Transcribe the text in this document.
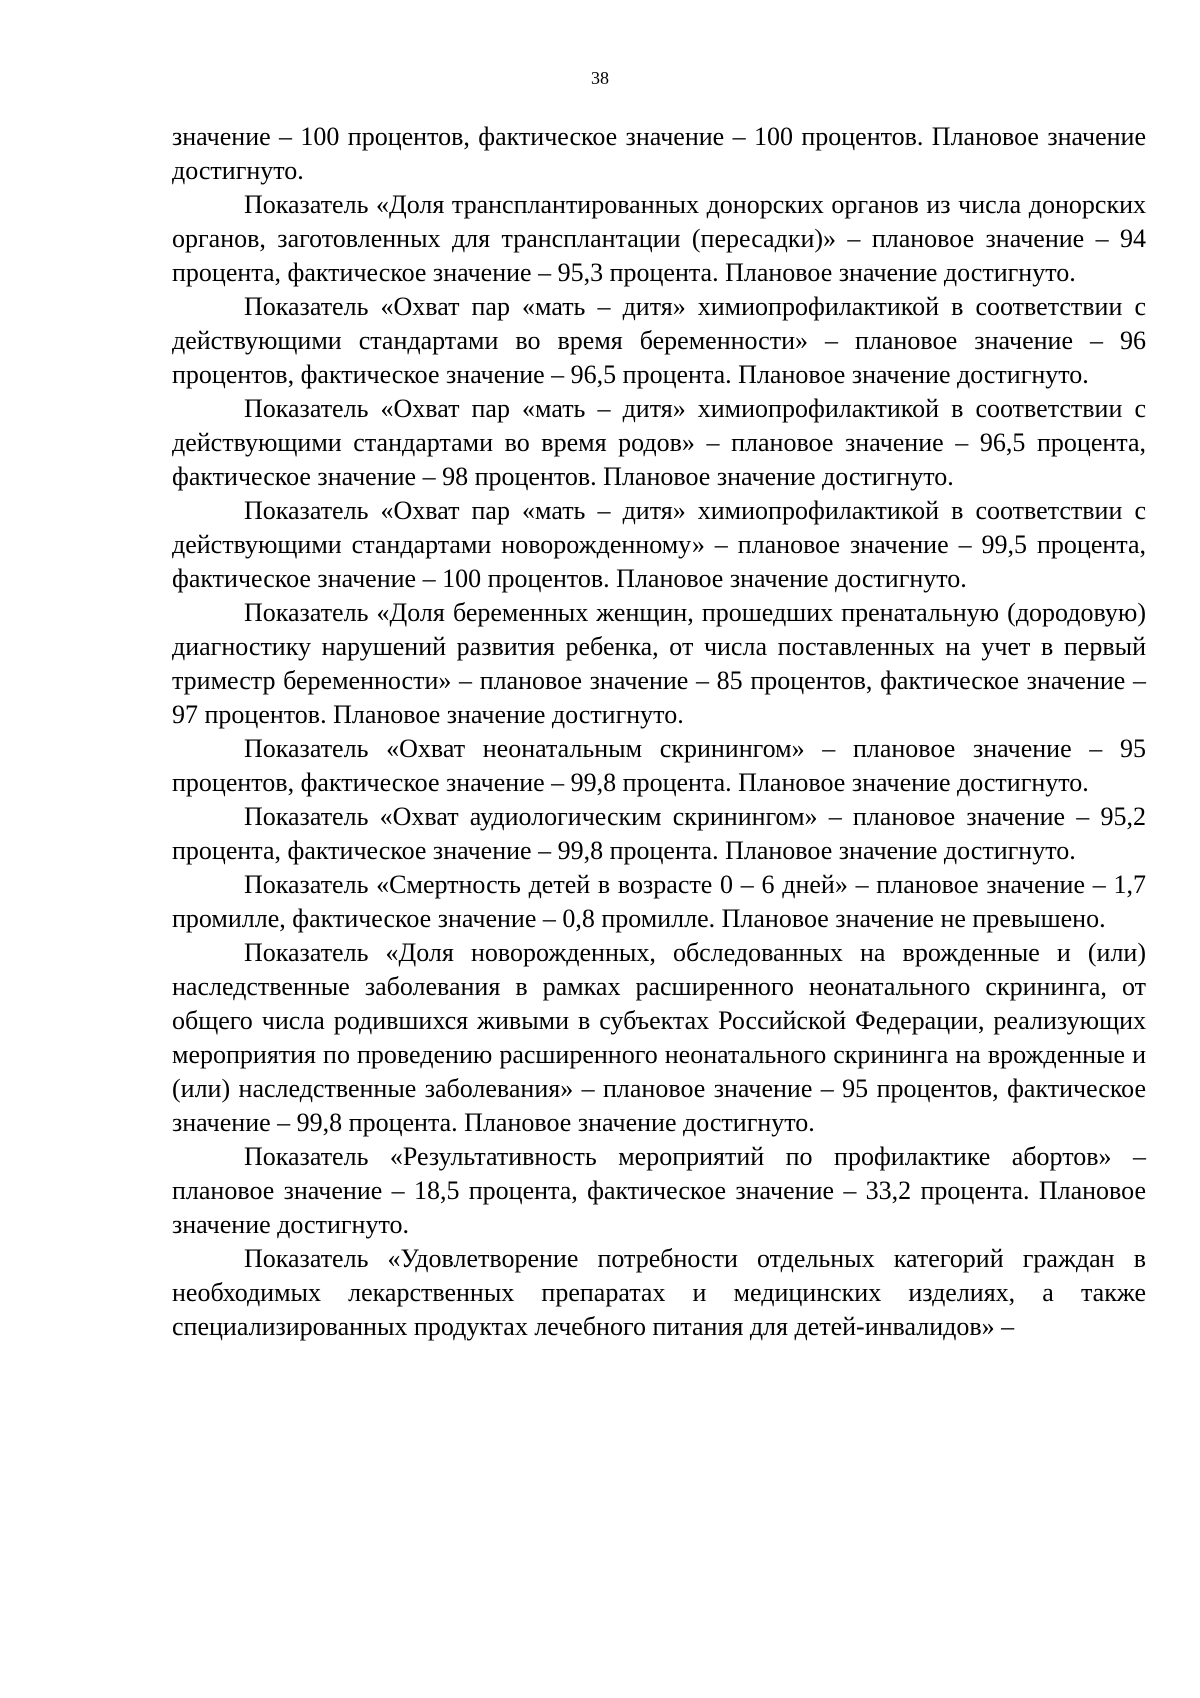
38

значение – 100 процентов, фактическое значение – 100 процентов. Плановое значение достигнуто.

Показатель «Доля трансплантированных донорских органов из числа донорских органов, заготовленных для трансплантации (пересадки)» – плановое значение – 94 процента, фактическое значение – 95,3 процента. Плановое значение достигнуто.

Показатель «Охват пар «мать – дитя» химиопрофилактикой в соответствии с действующими стандартами во время беременности» – плановое значение – 96 процентов, фактическое значение – 96,5 процента. Плановое значение достигнуто.

Показатель «Охват пар «мать – дитя» химиопрофилактикой в соответствии с действующими стандартами во время родов» – плановое значение – 96,5 процента, фактическое значение – 98 процентов. Плановое значение достигнуто.

Показатель «Охват пар «мать – дитя» химиопрофилактикой в соответствии с действующими стандартами новорожденному» – плановое значение – 99,5 процента, фактическое значение – 100 процентов. Плановое значение достигнуто.

Показатель «Доля беременных женщин, прошедших пренатальную (дородовую) диагностику нарушений развития ребенка, от числа поставленных на учет в первый триместр беременности» – плановое значение – 85 процентов, фактическое значение – 97 процентов. Плановое значение достигнуто.

Показатель «Охват неонатальным скринингом» – плановое значение – 95 процентов, фактическое значение – 99,8 процента. Плановое значение достигнуто.

Показатель «Охват аудиологическим скринингом» – плановое значение – 95,2 процента, фактическое значение – 99,8 процента. Плановое значение достигнуто.

Показатель «Смертность детей в возрасте 0 – 6 дней» – плановое значение – 1,7 промилле, фактическое значение – 0,8 промилле. Плановое значение не превышено.

Показатель «Доля новорожденных, обследованных на врожденные и (или) наследственные заболевания в рамках расширенного неонатального скрининга, от общего числа родившихся живыми в субъектах Российской Федерации, реализующих мероприятия по проведению расширенного неонатального скрининга на врожденные и (или) наследственные заболевания» – плановое значение – 95 процентов, фактическое значение – 99,8 процента. Плановое значение достигнуто.

Показатель «Результативность мероприятий по профилактике абортов» – плановое значение – 18,5 процента, фактическое значение – 33,2 процента. Плановое значение достигнуто.

Показатель «Удовлетворение потребности отдельных категорий граждан в необходимых лекарственных препаратах и медицинских изделиях, а также специализированных продуктах лечебного питания для детей-инвалидов» –
